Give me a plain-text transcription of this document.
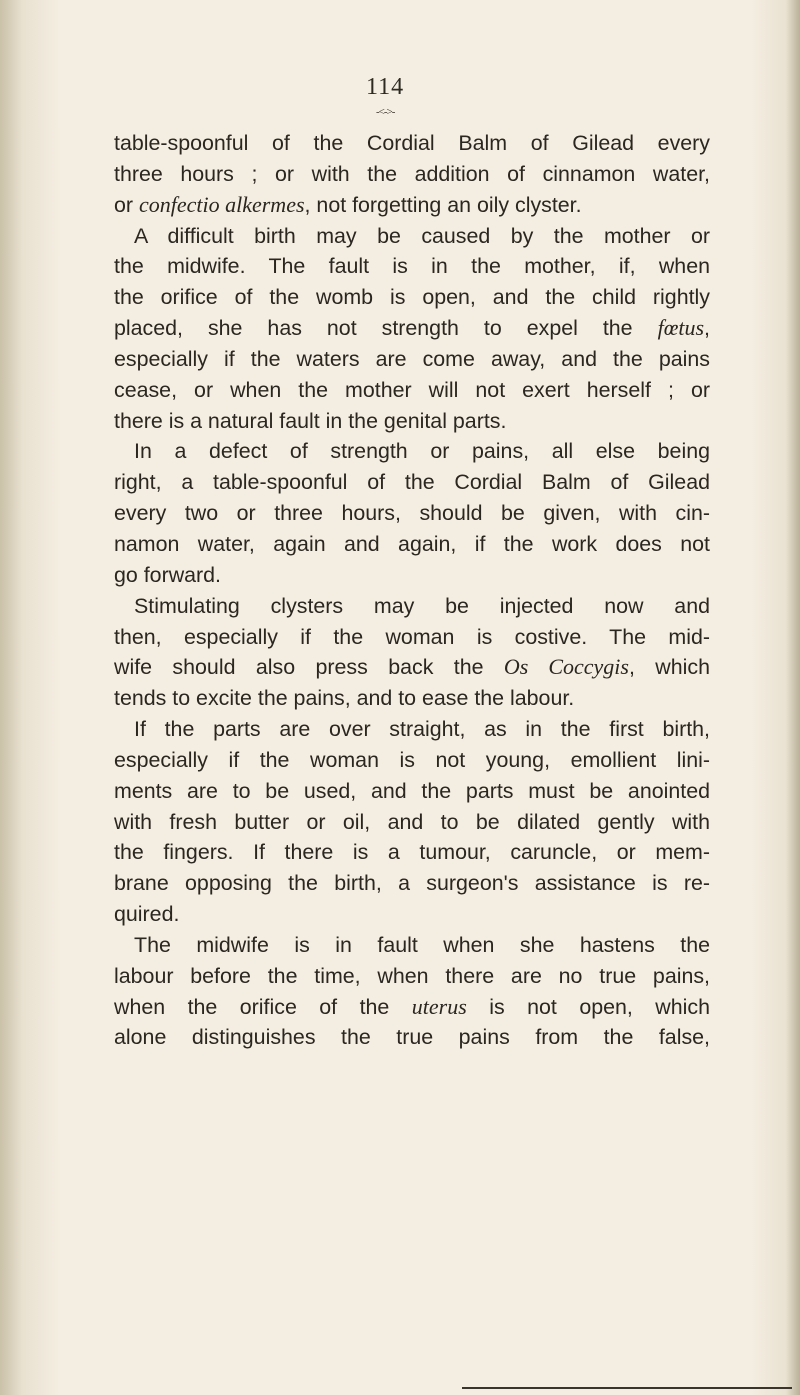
114
-<->-
table-spoonful of the Cordial Balm of Gilead every
three hours ; or with the addition of cinnamon water,
or confectio alkermes, not forgetting an oily clyster.
A difficult birth may be caused by the mother or
the midwife. The fault is in the mother, if, when
the orifice of the womb is open, and the child rightly
placed, she has not strength to expel the fœtus,
especially if the waters are come away, and the pains
cease, or when the mother will not exert herself ; or
there is a natural fault in the genital parts.
In a defect of strength or pains, all else being
right, a table-spoonful of the Cordial Balm of Gilead
every two or three hours, should be given, with cin-
namon water, again and again, if the work does not
go forward.
Stimulating clysters may be injected now and
then, especially if the woman is costive. The mid-
wife should also press back the Os Coccygis, which
tends to excite the pains, and to ease the labour.
If the parts are over straight, as in the first birth,
especially if the woman is not young, emollient lini-
ments are to be used, and the parts must be anointed
with fresh butter or oil, and to be dilated gently with
the fingers. If there is a tumour, caruncle, or mem-
brane opposing the birth, a surgeon's assistance is re-
quired.
The midwife is in fault when she hastens the
labour before the time, when there are no true pains,
when the orifice of the uterus is not open, which
alone distinguishes the true pains from the false,
